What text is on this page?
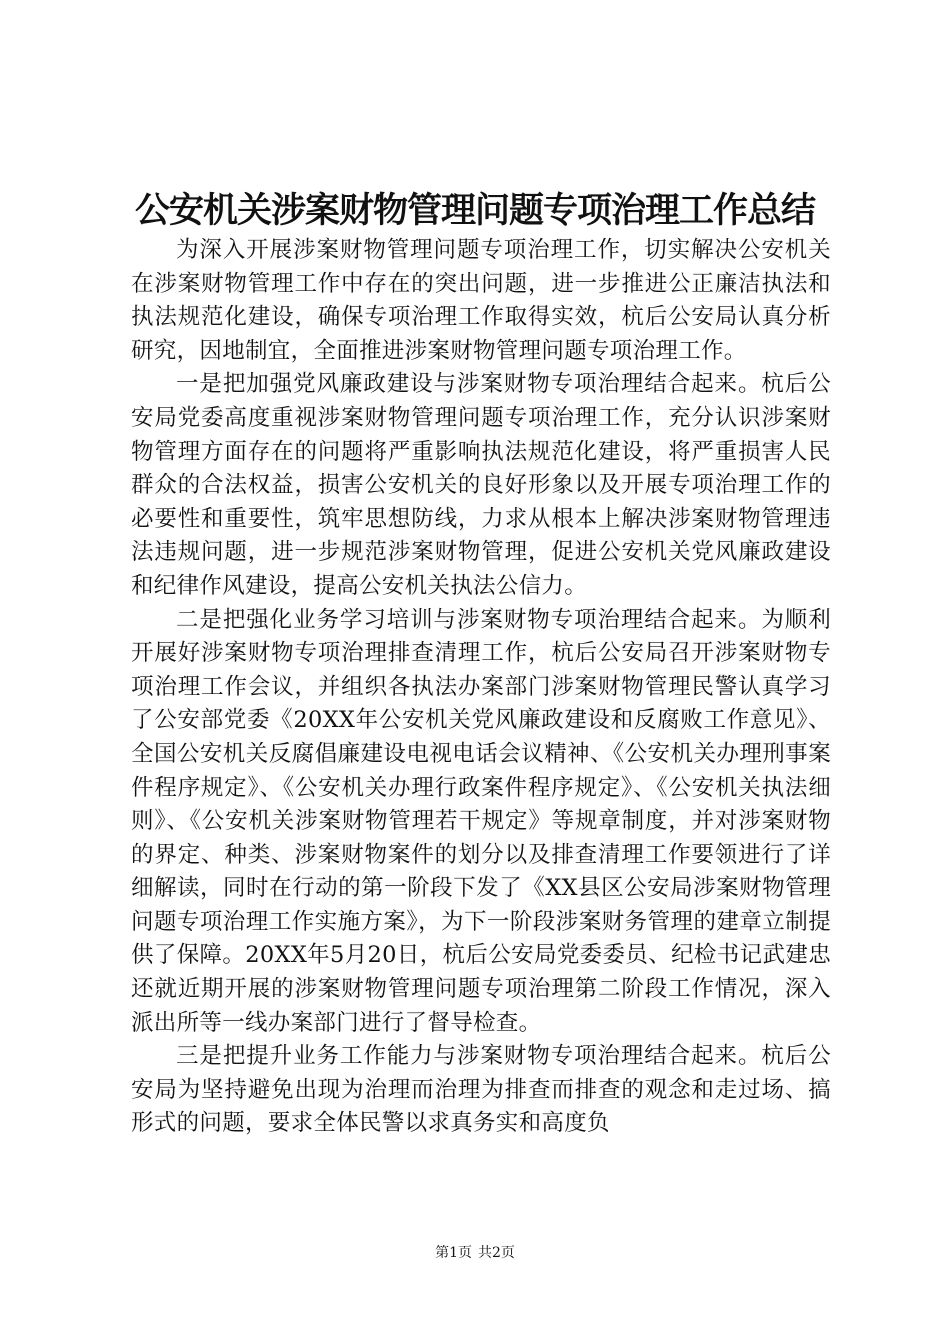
公安机关涉案财物管理问题专项治理工作总结

为深入开展涉案财物管理问题专项治理工作，切实解决公安机关在涉案财物管理工作中存在的突出问题，进一步推进公正廉洁执法和执法规范化建设，确保专项治理工作取得实效，杭后公安局认真分析研究，因地制宜，全面推进涉案财物管理问题专项治理工作。

一是把加强党风廉政建设与涉案财物专项治理结合起来。杭后公安局党委高度重视涉案财物管理问题专项治理工作，充分认识涉案财物管理方面存在的问题将严重影响执法规范化建设，将严重损害人民群众的合法权益，损害公安机关的良好形象以及开展专项治理工作的必要性和重要性，筑牢思想防线，力求从根本上解决涉案财物管理违法违规问题，进一步规范涉案财物管理，促进公安机关党风廉政建设和纪律作风建设，提高公安机关执法公信力。

二是把强化业务学习培训与涉案财物专项治理结合起来。为顺利开展好涉案财物专项治理排查清理工作，杭后公安局召开涉案财物专项治理工作会议，并组织各执法办案部门涉案财物管理民警认真学习了公安部党委《20XX年公安机关党风廉政建设和反腐败工作意见》、全国公安机关反腐倡廉建设电视电话会议精神、《公安机关办理刑事案件程序规定》、《公安机关办理行政案件程序规定》、《公安机关执法细则》、《公安机关涉案财物管理若干规定》等规章制度，并对涉案财物的界定、种类、涉案财物案件的划分以及排查清理工作要领进行了详细解读，同时在行动的第一阶段下发了《XX县区公安局涉案财物管理问题专项治理工作实施方案》，为下一阶段涉案财务管理的建章立制提供了保障。20XX年5月20日，杭后公安局党委委员、纪检书记武建忠还就近期开展的涉案财物管理问题专项治理第二阶段工作情况，深入派出所等一线办案部门进行了督导检查。

三是把提升业务工作能力与涉案财物专项治理结合起来。杭后公安局为坚持避免出现为治理而治理为排查而排查的观念和走过场、搞形式的问题，要求全体民警以求真务实和高度负

第1页 共2页
